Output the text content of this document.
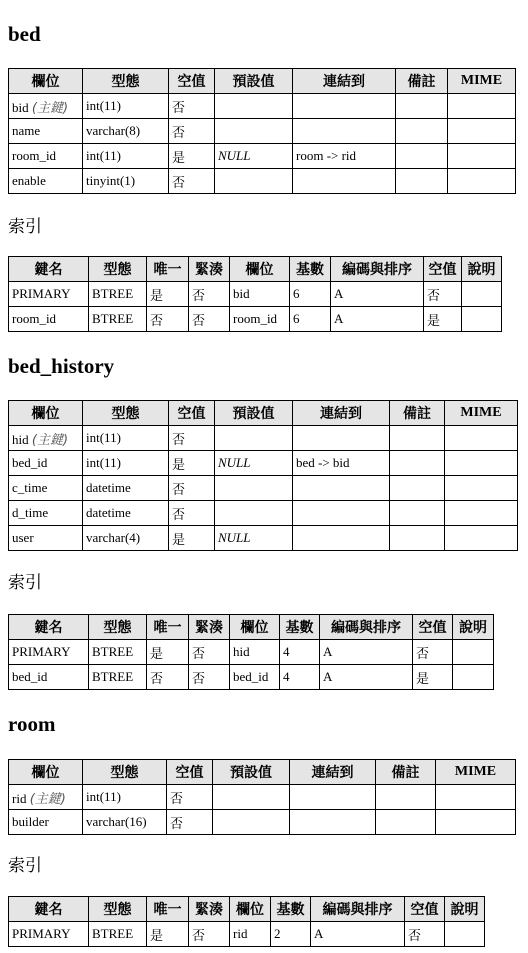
bed
欄位	型態	空值	預設值	連結到	備註	MIME
bid (主鍵)	int(11)	否				
name	varchar(8)	否				
room_id	int(11)	是	NULL	room -> rid		
enable	tinyint(1)	否				
索引
鍵名	型態	唯一	緊湊	欄位	基數	編碼與排序	空值	說明
PRIMARY	BTREE	是	否	bid	6	A	否	
room_id	BTREE	否	否	room_id	6	A	是	
bed_history
欄位	型態	空值	預設值	連結到	備註	MIME
hid (主鍵)	int(11)	否				
bed_id	int(11)	是	NULL	bed -> bid		
c_time	datetime	否				
d_time	datetime	否				
user	varchar(4)	是	NULL			
索引
鍵名	型態	唯一	緊湊	欄位	基數	編碼與排序	空值	說明
PRIMARY	BTREE	是	否	hid	4	A	否	
bed_id	BTREE	否	否	bed_id	4	A	是	
room
欄位	型態	空值	預設值	連結到	備註	MIME
rid (主鍵)	int(11)	否				
builder	varchar(16)	否				
索引
鍵名	型態	唯一	緊湊	欄位	基數	編碼與排序	空值	說明
PRIMARY	BTREE	是	否	rid	2	A	否	
